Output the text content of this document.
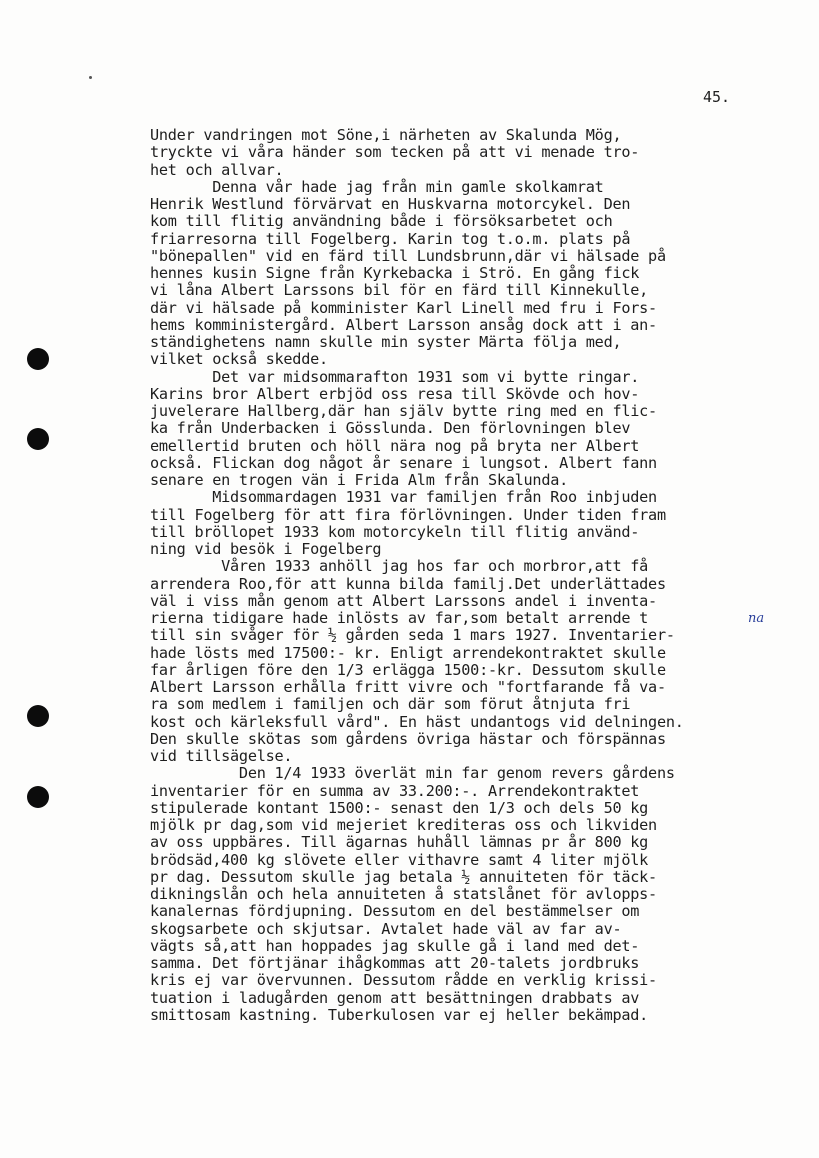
45.
na
Under vandringen mot Söne,i närheten av Skalunda Mög,
tryckte vi våra händer som tecken på att vi menade tro-
het och allvar.
Denna vår hade jag från min gamle skolkamrat
Henrik Westlund förvärvat en Huskvarna motorcykel. Den
kom till flitig användning både i försöksarbetet och
friarresorna till Fogelberg. Karin tog t.o.m. plats på
"bönepallen" vid en färd till Lundsbrunn,där vi hälsade på
hennes kusin Signe från Kyrkebacka i Strö. En gång fick
vi låna Albert Larssons bil för en färd till Kinnekulle,
där vi hälsade på komminister Karl Linell med fru i Fors-
hems komministergård. Albert Larsson ansåg dock att i an-
ständighetens namn skulle min syster Märta följa med,
vilket också skedde.
Det var midsommarafton 1931 som vi bytte ringar.
Karins bror Albert erbjöd oss resa till Skövde och hov-
juvelerare Hallberg,där han själv bytte ring med en flic-
ka från Underbacken i Gösslunda. Den förlovningen blev
emellertid bruten och höll nära nog på bryta ner Albert
också. Flickan dog något år senare i lungsot. Albert fann
senare en trogen vän i Frida Alm från Skalunda.
Midsommardagen 1931 var familjen från Roo inbjuden
till Fogelberg för att fira förlövningen. Under tiden fram
till bröllopet 1933 kom motorcykeln till flitig använd-
ning vid besök i Fogelberg
Våren 1933 anhöll jag hos far och morbror,att få
arrendera Roo,för att kunna bilda familj.Det underlättades
väl i viss mån genom att Albert Larssons andel i inventa-
rierna tidigare hade inlösts av far,som betalt arrende t
till sin svåger för ½ gården seda 1 mars 1927. Inventarier-
hade lösts med 17500:- kr. Enligt arrendekontraktet skulle
far årligen före den 1/3 erlägga 1500:-kr. Dessutom skulle
Albert Larsson erhålla fritt vivre och "fortfarande få va-
ra som medlem i familjen och där som förut åtnjuta fri
kost och kärleksfull vård". En häst undantogs vid delningen.
Den skulle skötas som gårdens övriga hästar och förspännas
vid tillsägelse.
Den 1/4 1933 överlät min far genom revers gårdens
inventarier för en summa av 33.200:-. Arrendekontraktet
stipulerade kontant 1500:- senast den 1/3 och dels 50 kg
mjölk pr dag,som vid mejeriet krediteras oss och likviden
av oss uppbäres. Till ägarnas huhåll lämnas pr år 800 kg
brödsäd,400 kg slövete eller vithavre samt 4 liter mjölk
pr dag. Dessutom skulle jag betala ½ annuiteten för täck-
dikningslån och hela annuiteten å statslånet för avlopps-
kanalernas fördjupning. Dessutom en del bestämmelser om
skogsarbete och skjutsar. Avtalet hade väl av far av-
vägts så,att han hoppades jag skulle gå i land med det-
samma. Det förtjänar ihågkommas att 20-talets jordbruks
kris ej var övervunnen. Dessutom rådde en verklig krissi-
tuation i ladugården genom att besättningen drabbats av
smittosam kastning. Tuberkulosen var ej heller bekämpad.
